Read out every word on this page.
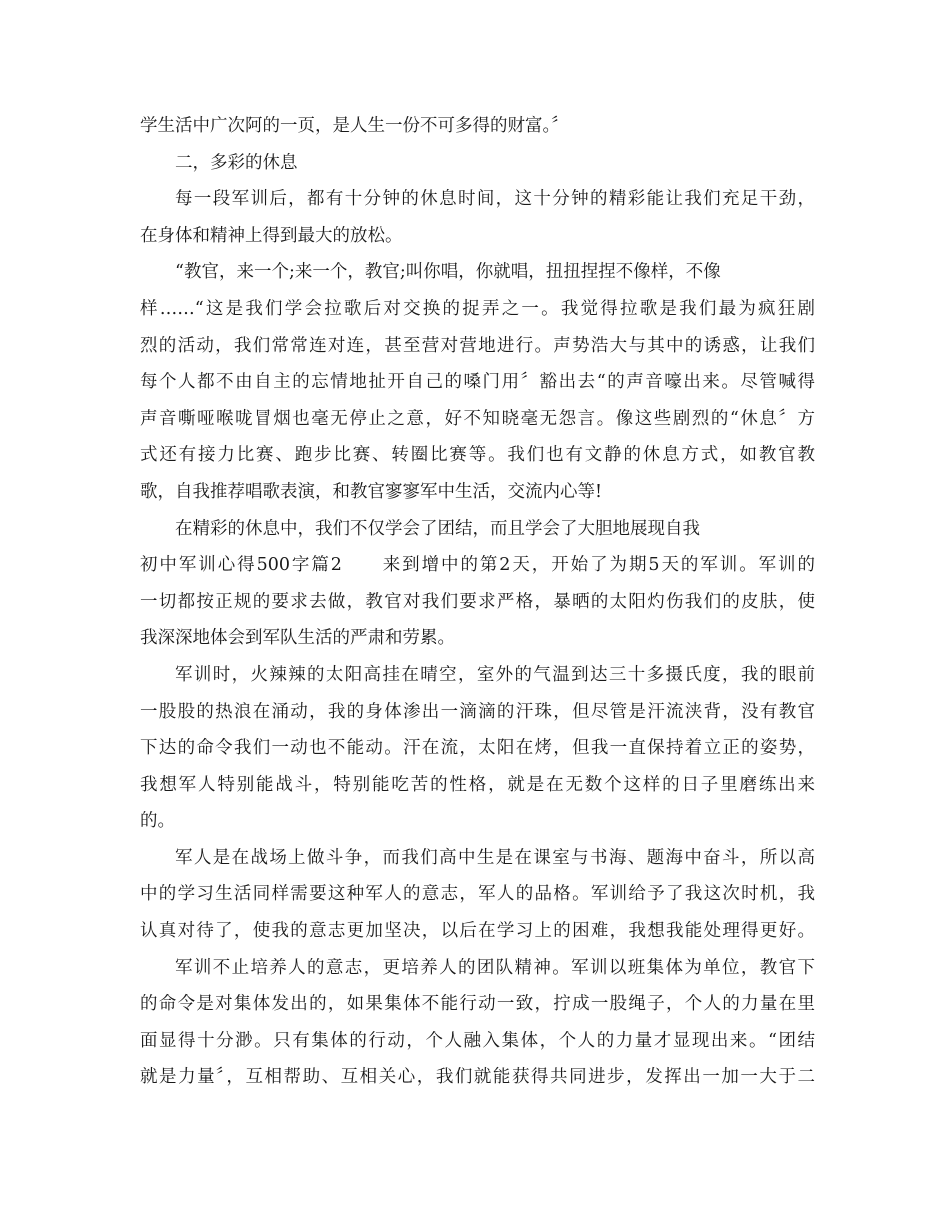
学生活中广次阿的一页，是人生一份不可多得的财富。〞
二，多彩的休息
每一段军训后，都有十分钟的休息时间，这十分钟的精彩能让我们充足干劲，
在身体和精神上得到最大的放松。
“教官，来一个;来一个，教官;叫你唱，你就唱，扭扭捏捏不像样，不像
样……“这是我们学会拉歌后对交换的捉弄之一。我觉得拉歌是我们最为疯狂剧
烈的活动，我们常常连对连，甚至营对营地进行。声势浩大与其中的诱惑，让我们
每个人都不由自主的忘情地扯开自己的嗓门用〞豁出去“的声音嚎出来。尽管喊得
声音嘶哑喉咙冒烟也毫无停止之意，好不知晓毫无怨言。像这些剧烈的“休息〞方
式还有接力比赛、跑步比赛、转圈比赛等。我们也有文静的休息方式，如教官教
歌，自我推荐唱歌表演，和教官寥寥军中生活，交流内心等!
在精彩的休息中，我们不仅学会了团结，而且学会了大胆地展现自我
初中军训心得500字篇2　　来到增中的第2天，开始了为期5天的军训。军训的
一切都按正规的要求去做，教官对我们要求严格，暴晒的太阳灼伤我们的皮肤，使
我深深地体会到军队生活的严肃和劳累。
军训时，火辣辣的太阳高挂在晴空，室外的气温到达三十多摄氏度，我的眼前
一股股的热浪在涌动，我的身体渗出一滴滴的汗珠，但尽管是汗流浃背，没有教官
下达的命令我们一动也不能动。汗在流，太阳在烤，但我一直保持着立正的姿势，
我想军人特别能战斗，特别能吃苦的性格，就是在无数个这样的日子里磨练出来
的。
军人是在战场上做斗争，而我们高中生是在课室与书海、题海中奋斗，所以高
中的学习生活同样需要这种军人的意志，军人的品格。军训给予了我这次时机，我
认真对待了，使我的意志更加坚决，以后在学习上的困难，我想我能处理得更好。
军训不止培养人的意志，更培养人的团队精神。军训以班集体为单位，教官下
的命令是对集体发出的，如果集体不能行动一致，拧成一股绳子，个人的力量在里
面显得十分渺。只有集体的行动，个人融入集体，个人的力量才显现出来。“团结
就是力量〞，互相帮助、互相关心，我们就能获得共同进步，发挥出一加一大于二
